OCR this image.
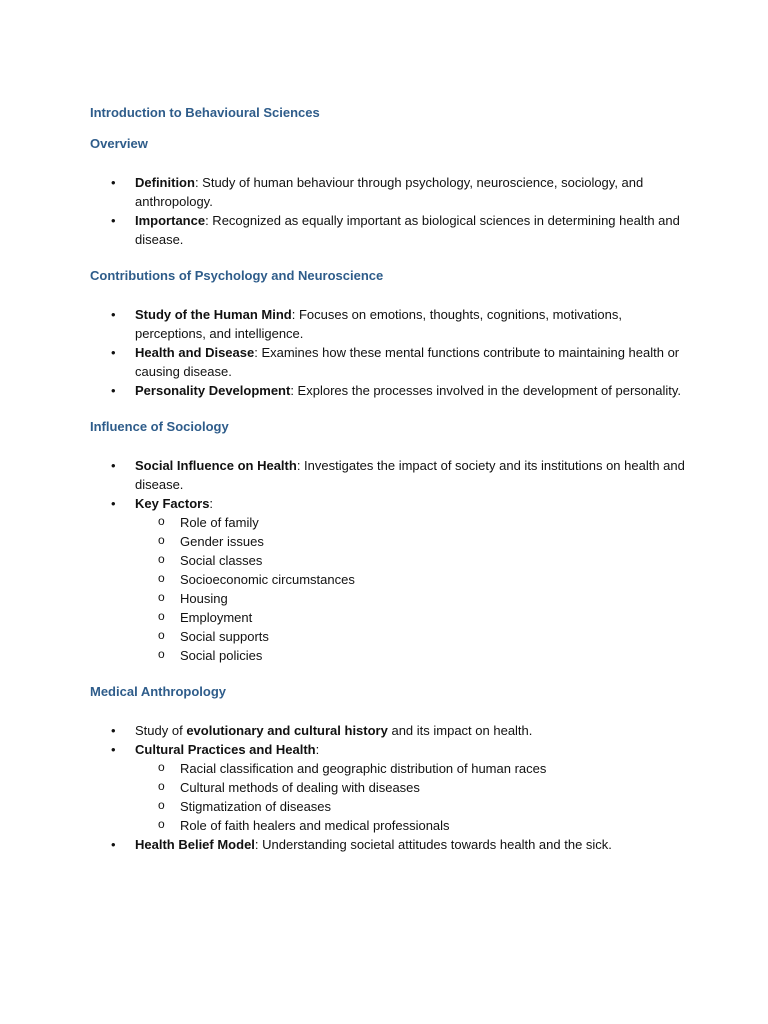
Introduction to Behavioural Sciences
Overview
• Definition: Study of human behaviour through psychology, neuroscience, sociology, and anthropology.
• Importance: Recognized as equally important as biological sciences in determining health and disease.
Contributions of Psychology and Neuroscience
• Study of the Human Mind: Focuses on emotions, thoughts, cognitions, motivations, perceptions, and intelligence.
• Health and Disease: Examines how these mental functions contribute to maintaining health or causing disease.
• Personality Development: Explores the processes involved in the development of personality.
Influence of Sociology
• Social Influence on Health: Investigates the impact of society and its institutions on health and disease.
• Key Factors:
o Role of family
o Gender issues
o Social classes
o Socioeconomic circumstances
o Housing
o Employment
o Social supports
o Social policies
Medical Anthropology
• Study of evolutionary and cultural history and its impact on health.
• Cultural Practices and Health:
o Racial classification and geographic distribution of human races
o Cultural methods of dealing with diseases
o Stigmatization of diseases
o Role of faith healers and medical professionals
• Health Belief Model: Understanding societal attitudes towards health and the sick.
